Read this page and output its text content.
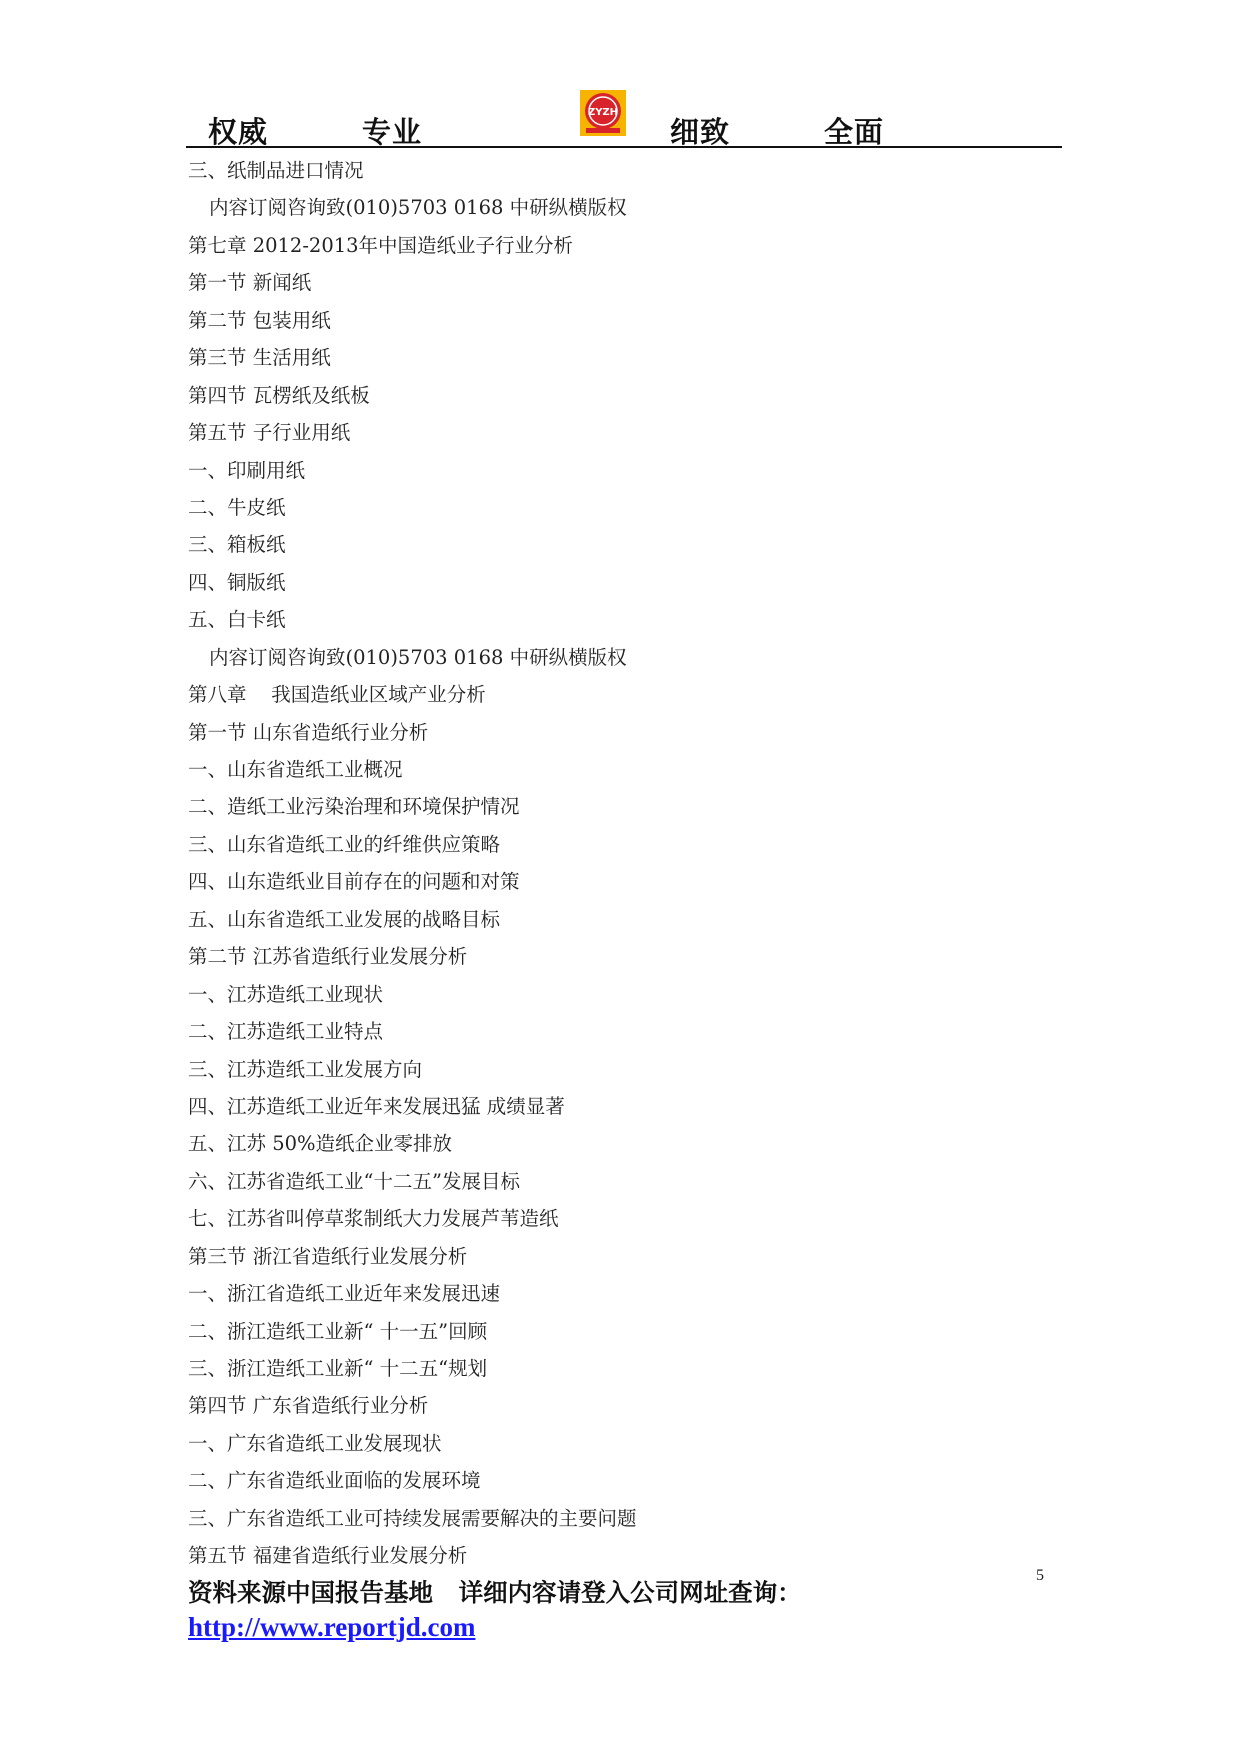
权威	专业
ZYZH
细致	全面
三、纸制品进口情况
内容订阅咨询致(010)5703 0168 中研纵横版权
第七章 2012-2013年中国造纸业子行业分析
第一节 新闻纸
第二节 包装用纸
第三节 生活用纸
第四节 瓦楞纸及纸板
第五节 子行业用纸
一、印刷用纸
二、牛皮纸
三、箱板纸
四、铜版纸
五、白卡纸
内容订阅咨询致(010)5703 0168 中研纵横版权
第八章    我国造纸业区域产业分析
第一节 山东省造纸行业分析
一、山东省造纸工业概况
二、造纸工业污染治理和环境保护情况
三、山东省造纸工业的纤维供应策略
四、山东造纸业目前存在的问题和对策
五、山东省造纸工业发展的战略目标
第二节 江苏省造纸行业发展分析
一、江苏造纸工业现状
二、江苏造纸工业特点
三、江苏造纸工业发展方向
四、江苏造纸工业近年来发展迅猛 成绩显著
五、江苏 50%造纸企业零排放
六、江苏省造纸工业“十二五”发展目标
七、江苏省叫停草浆制纸大力发展芦苇造纸
第三节 浙江省造纸行业发展分析
一、浙江省造纸工业近年来发展迅速
二、浙江造纸工业新“ 十一五”回顾
三、浙江造纸工业新“ 十二五“规划
第四节 广东省造纸行业分析
一、广东省造纸工业发展现状
二、广东省造纸业面临的发展环境
三、广东省造纸工业可持续发展需要解决的主要问题
第五节 福建省造纸行业发展分析
资料来源中国报告基地   详细内容请登入公司网址查询：
http://www.reportjd.com
5
